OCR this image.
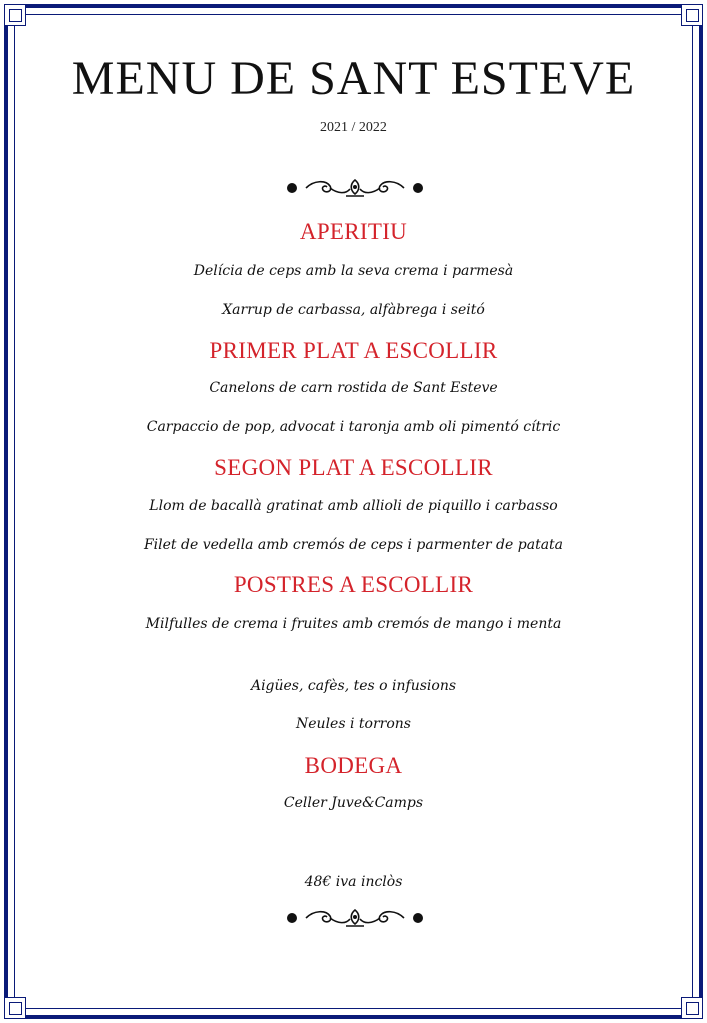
MENU DE SANT ESTEVE
2021 / 2022
APERITIU
Delícia de ceps amb la seva crema i parmesà
Xarrup de carbassa, alfàbrega i seitó
PRIMER PLAT A ESCOLLIR
Canelons de carn rostida de Sant Esteve
Carpaccio de pop, advocat i taronja amb oli pimentó cítric
SEGON PLAT A ESCOLLIR
Llom de bacallà gratinat amb allioli de piquillo i carbasso
Filet de vedella amb cremós de ceps i parmenter de patata
POSTRES A ESCOLLIR
Milfulles de crema i fruites amb cremós de mango i menta
Aigües, cafès, tes o infusions
Neules i torrons
BODEGA
Celler Juve&Camps
48€ iva inclòs
